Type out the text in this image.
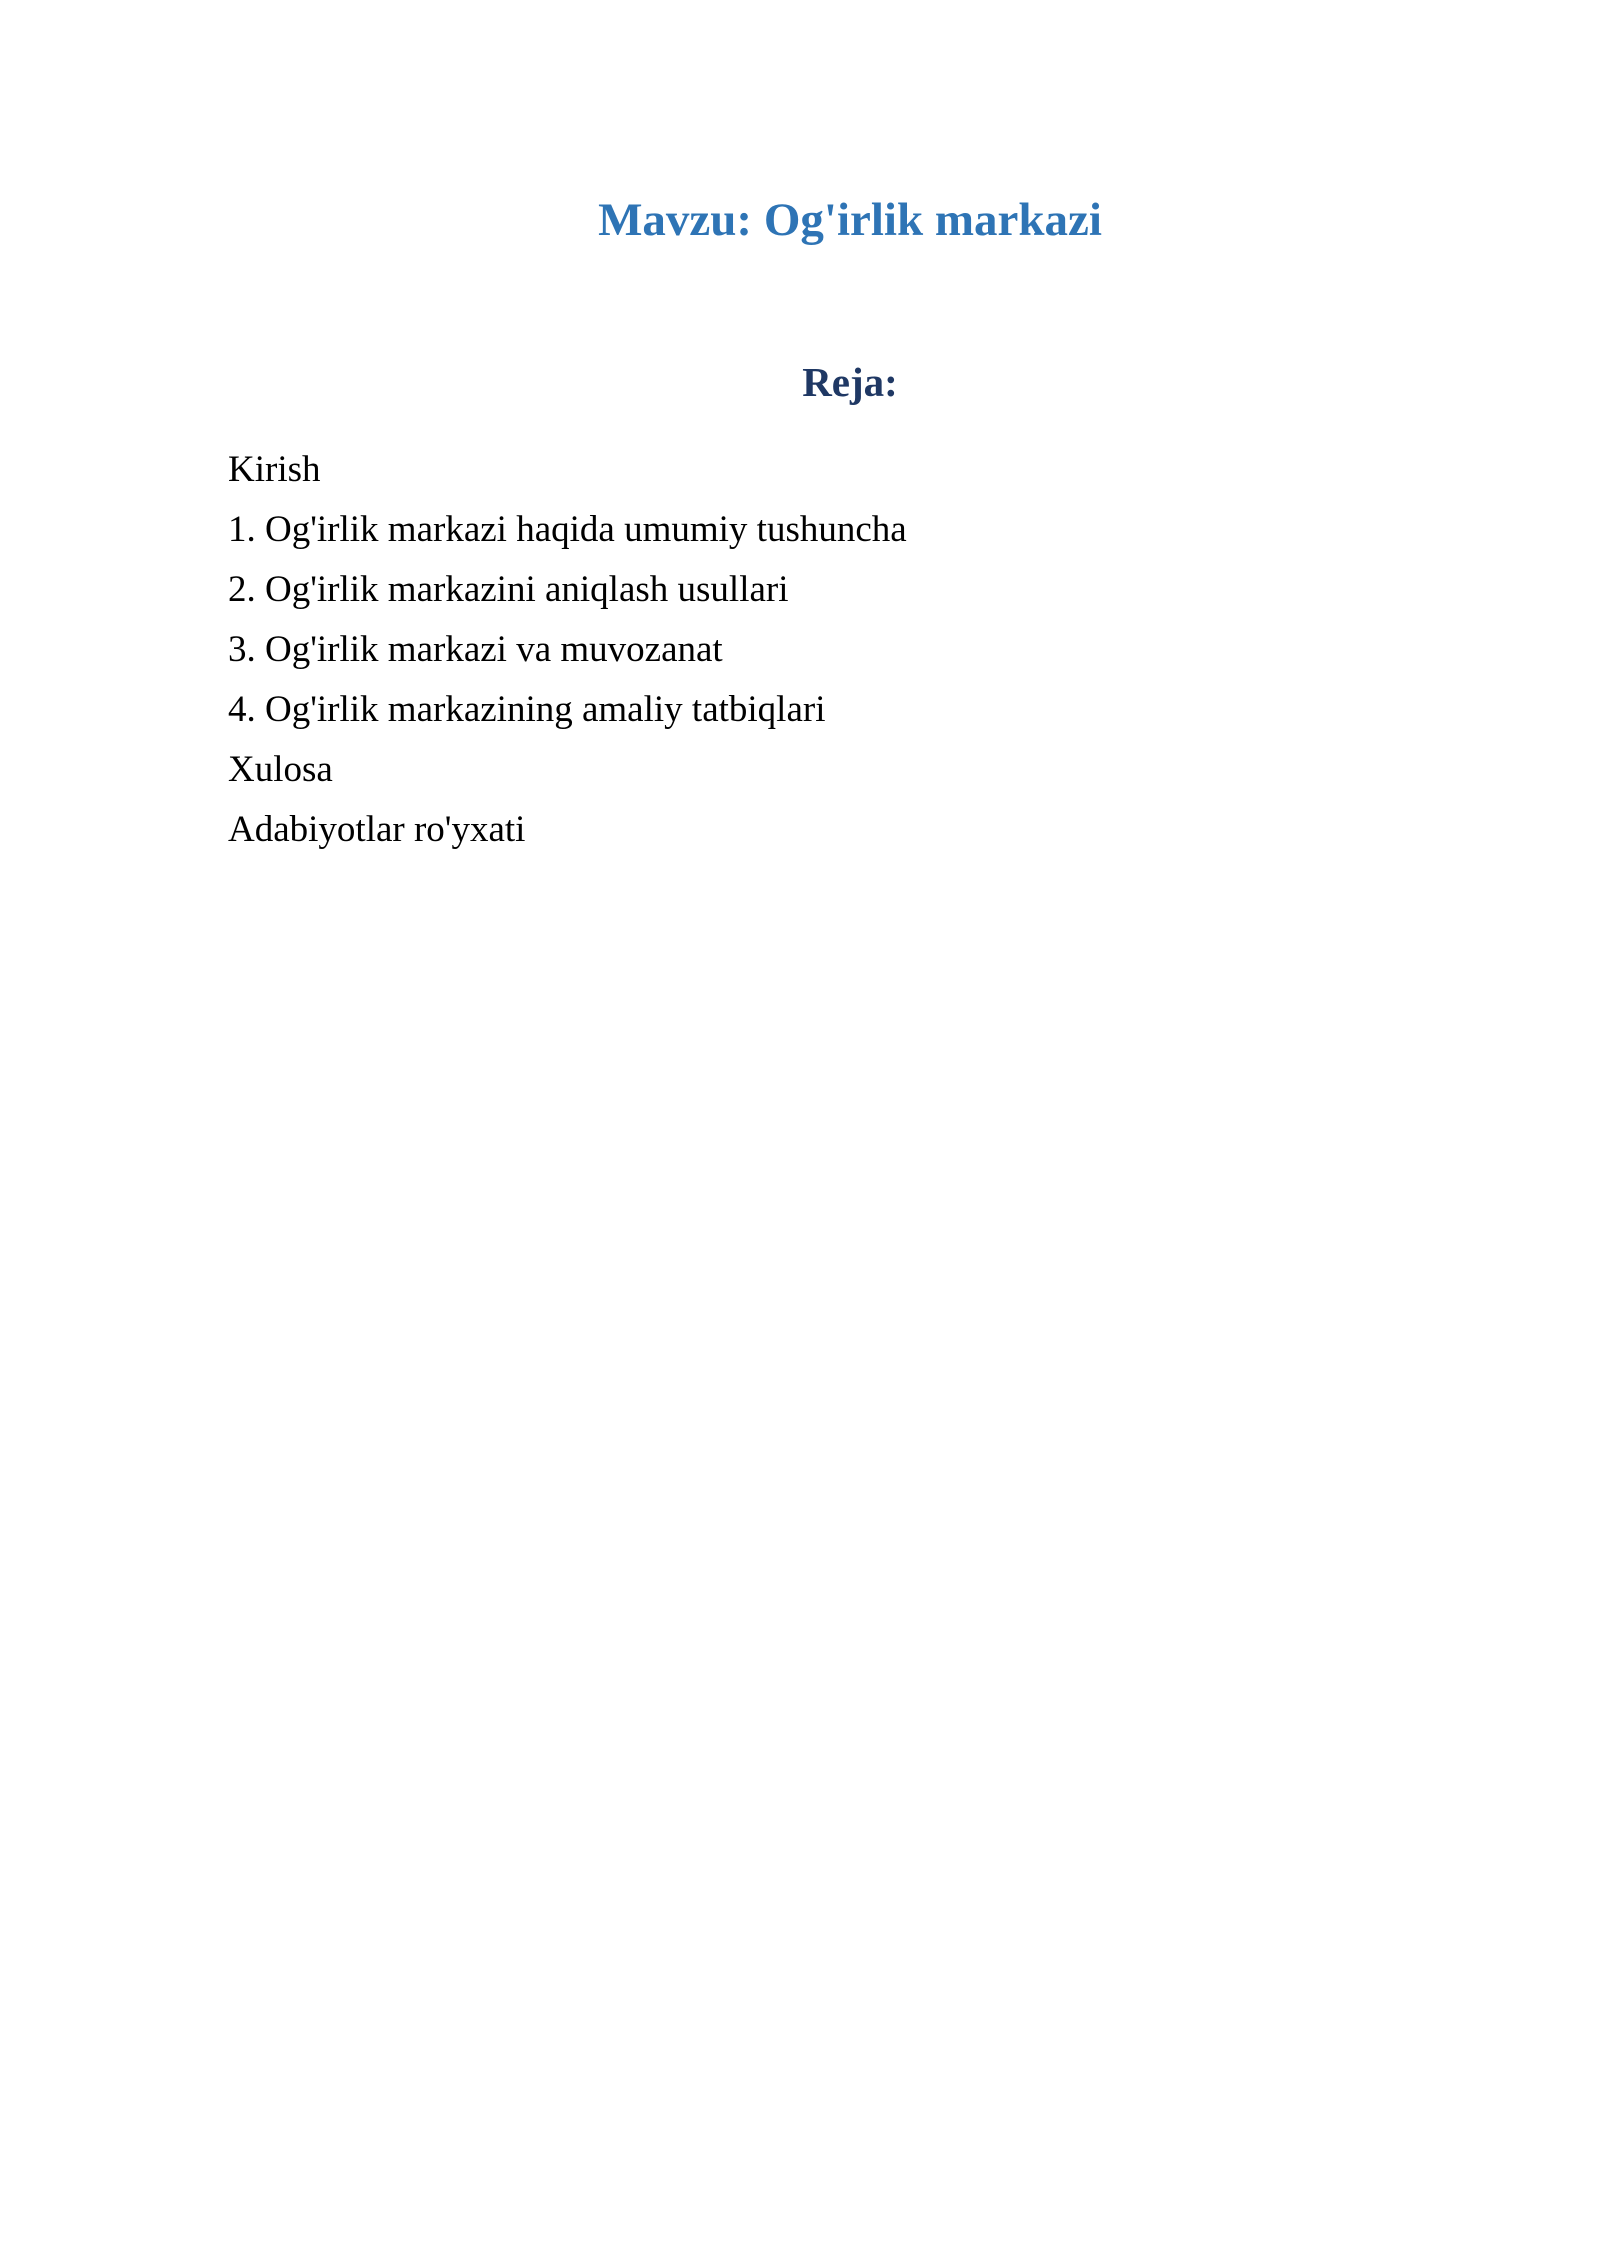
Mavzu: Og'irlik markazi
Reja:
Kirish
1. Og'irlik markazi haqida umumiy tushuncha
2. Og'irlik markazini aniqlash usullari
3. Og'irlik markazi va muvozanat
4. Og'irlik markazining amaliy tatbiqlari
Xulosa
Adabiyotlar ro'yxati
